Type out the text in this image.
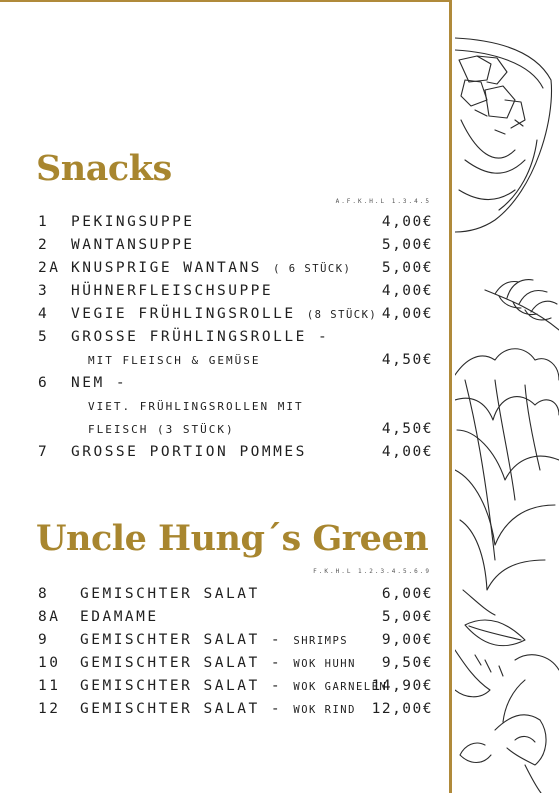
Snacks
A.F.K.H.L 1.3.4.5
1 PEKINGSUPPE	4,00€
2 WANTANSUPPE	5,00€
2A KNUSPRIGE WANTANS ( 6 STÜCK) 5,00€
3 HÜHNERFLEISCHSUPPE	4,00€
4 VEGIE FRÜHLINGSROLLE (8 STÜCK) 4,00€
5 GROSSE FRÜHLINGSROLLE -
MIT FLEISCH & GEMÜSE	4,50€
6 NEM -
VIET. FRÜHLINGSROLLEN MIT
FLEISCH (3 STÜCK)	4,50€
7 GROSSE PORTION POMMES	4,00€
Uncle Hung´s Green
F.K.H.L 1.2.3.4.5.6.9
8 GEMISCHTER SALAT	6,00€
8A EDAMAME	5,00€
9 GEMISCHTER SALAT - SHRIMPS 9,00€
10 GEMISCHTER SALAT - WOK HUHN 9,50€
11 GEMISCHTER SALAT - WOK GARNELEN
14,90€
12 GEMISCHTER SALAT - WOK RIND 12,00€
